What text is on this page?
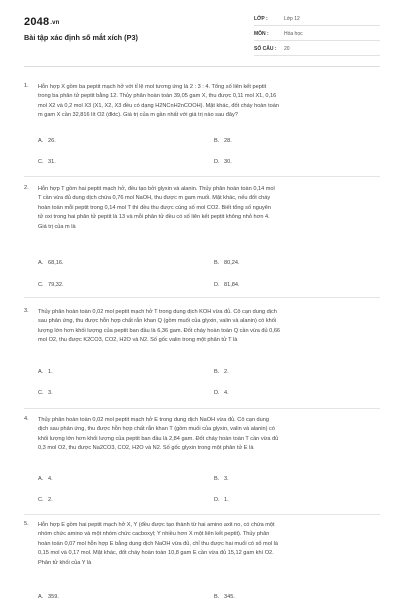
2048.vn
Bài tập xác định số mắt xích (P3)
LỚP :	Lớp 12
MÔN :	Hóa học
SỐ CÂU : 20
1. Hỗn hợp X gồm ba peptit mạch hở với tỉ lệ mol tương ứng là 2 : 3 : 4. Tổng số liên kết peptit
trong ba phân tử peptit bằng 12. Thủy phân hoàn toàn 39,05 gam X, thu được 0,11 mol X1, 0,16
mol X2 và 0,2 mol X3 (X1, X2, X3 đều có dạng H2NCnH2nCOOH). Mặt khác, đốt cháy hoàn toàn
m gam X cần 32,816 lít O2 (đktc). Giá trị của m gần nhất với giá trị nào sau đây?
A. 26.	B. 28.
C. 31.	D. 30.
2. Hỗn hợp T gồm hai peptit mạch hở, đều tạo bởi glyxin và alanin. Thủy phân hoàn toàn 0,14 mol
T cần vừa đủ dung dịch chứa 0,76 mol NaOH, thu được m gam muối. Mặt khác, nếu đốt cháy
hoàn toàn mỗi peptit trong 0,14 mol T thì đều thu được cùng số mol CO2. Biết tổng số nguyên
tử oxi trong hai phân tử peptit là 13 và mỗi phân tử đều có số liên kết peptit không nhỏ hơn 4.
Giá trị của m là
A. 68,16.	B. 80,24.
C. 79,32.	D. 81,84.
3. Thủy phân hoàn toàn 0,02 mol peptit mạch hở T trong dung dịch KOH vừa đủ. Cô cạn dung dịch
sau phản ứng, thu được hỗn hợp chất rắn khan Q (gồm muối của glyxin, valin và alanin) có khối
lượng lớn hơn khối lượng của peptit ban đầu là 6,36 gam. Đốt cháy hoàn toàn Q cần vừa đủ 0,66
mol O2, thu được K2CO3, CO2, H2O và N2. Số gốc valin trong một phân tử T là
A. 1.	B. 2.
C. 3.	D. 4.
4. Thủy phân hoàn toàn 0,02 mol peptit mạch hở E trong dung dịch NaOH vừa đủ. Cô cạn dung
dịch sau phản ứng, thu được hỗn hợp chất rắn khan T (gồm muối của glyxin, valin và alanin) có
khối lượng lớn hơn khối lượng của peptit ban đầu là 2,84 gam. Đốt cháy hoàn toàn T cần vừa đủ
0,3 mol O2, thu được Na2CO3, CO2, H2O và N2. Số gốc glyxin trong một phân tử E là
A. 4.	B. 3.
C. 2.	D. 1.
5. Hỗn hợp E gồm hai peptit mạch hở X, Y (đều được tạo thành từ hai amino axit no, có chứa một
nhóm chức amino và một nhóm chức cacboxyl; Y nhiều hơn X một liên kết peptit). Thủy phân
hoàn toàn 0,07 mol hỗn hợp E bằng dung dịch NaOH vừa đủ, chỉ thu được hai muối có số mol là
0,15 mol và 0,17 mol. Mặt khác, đốt cháy hoàn toàn 10,8 gam E cần vừa đủ 15,12 gam khí O2.
Phân tử khối của Y là
A. 359.	B. 345.
